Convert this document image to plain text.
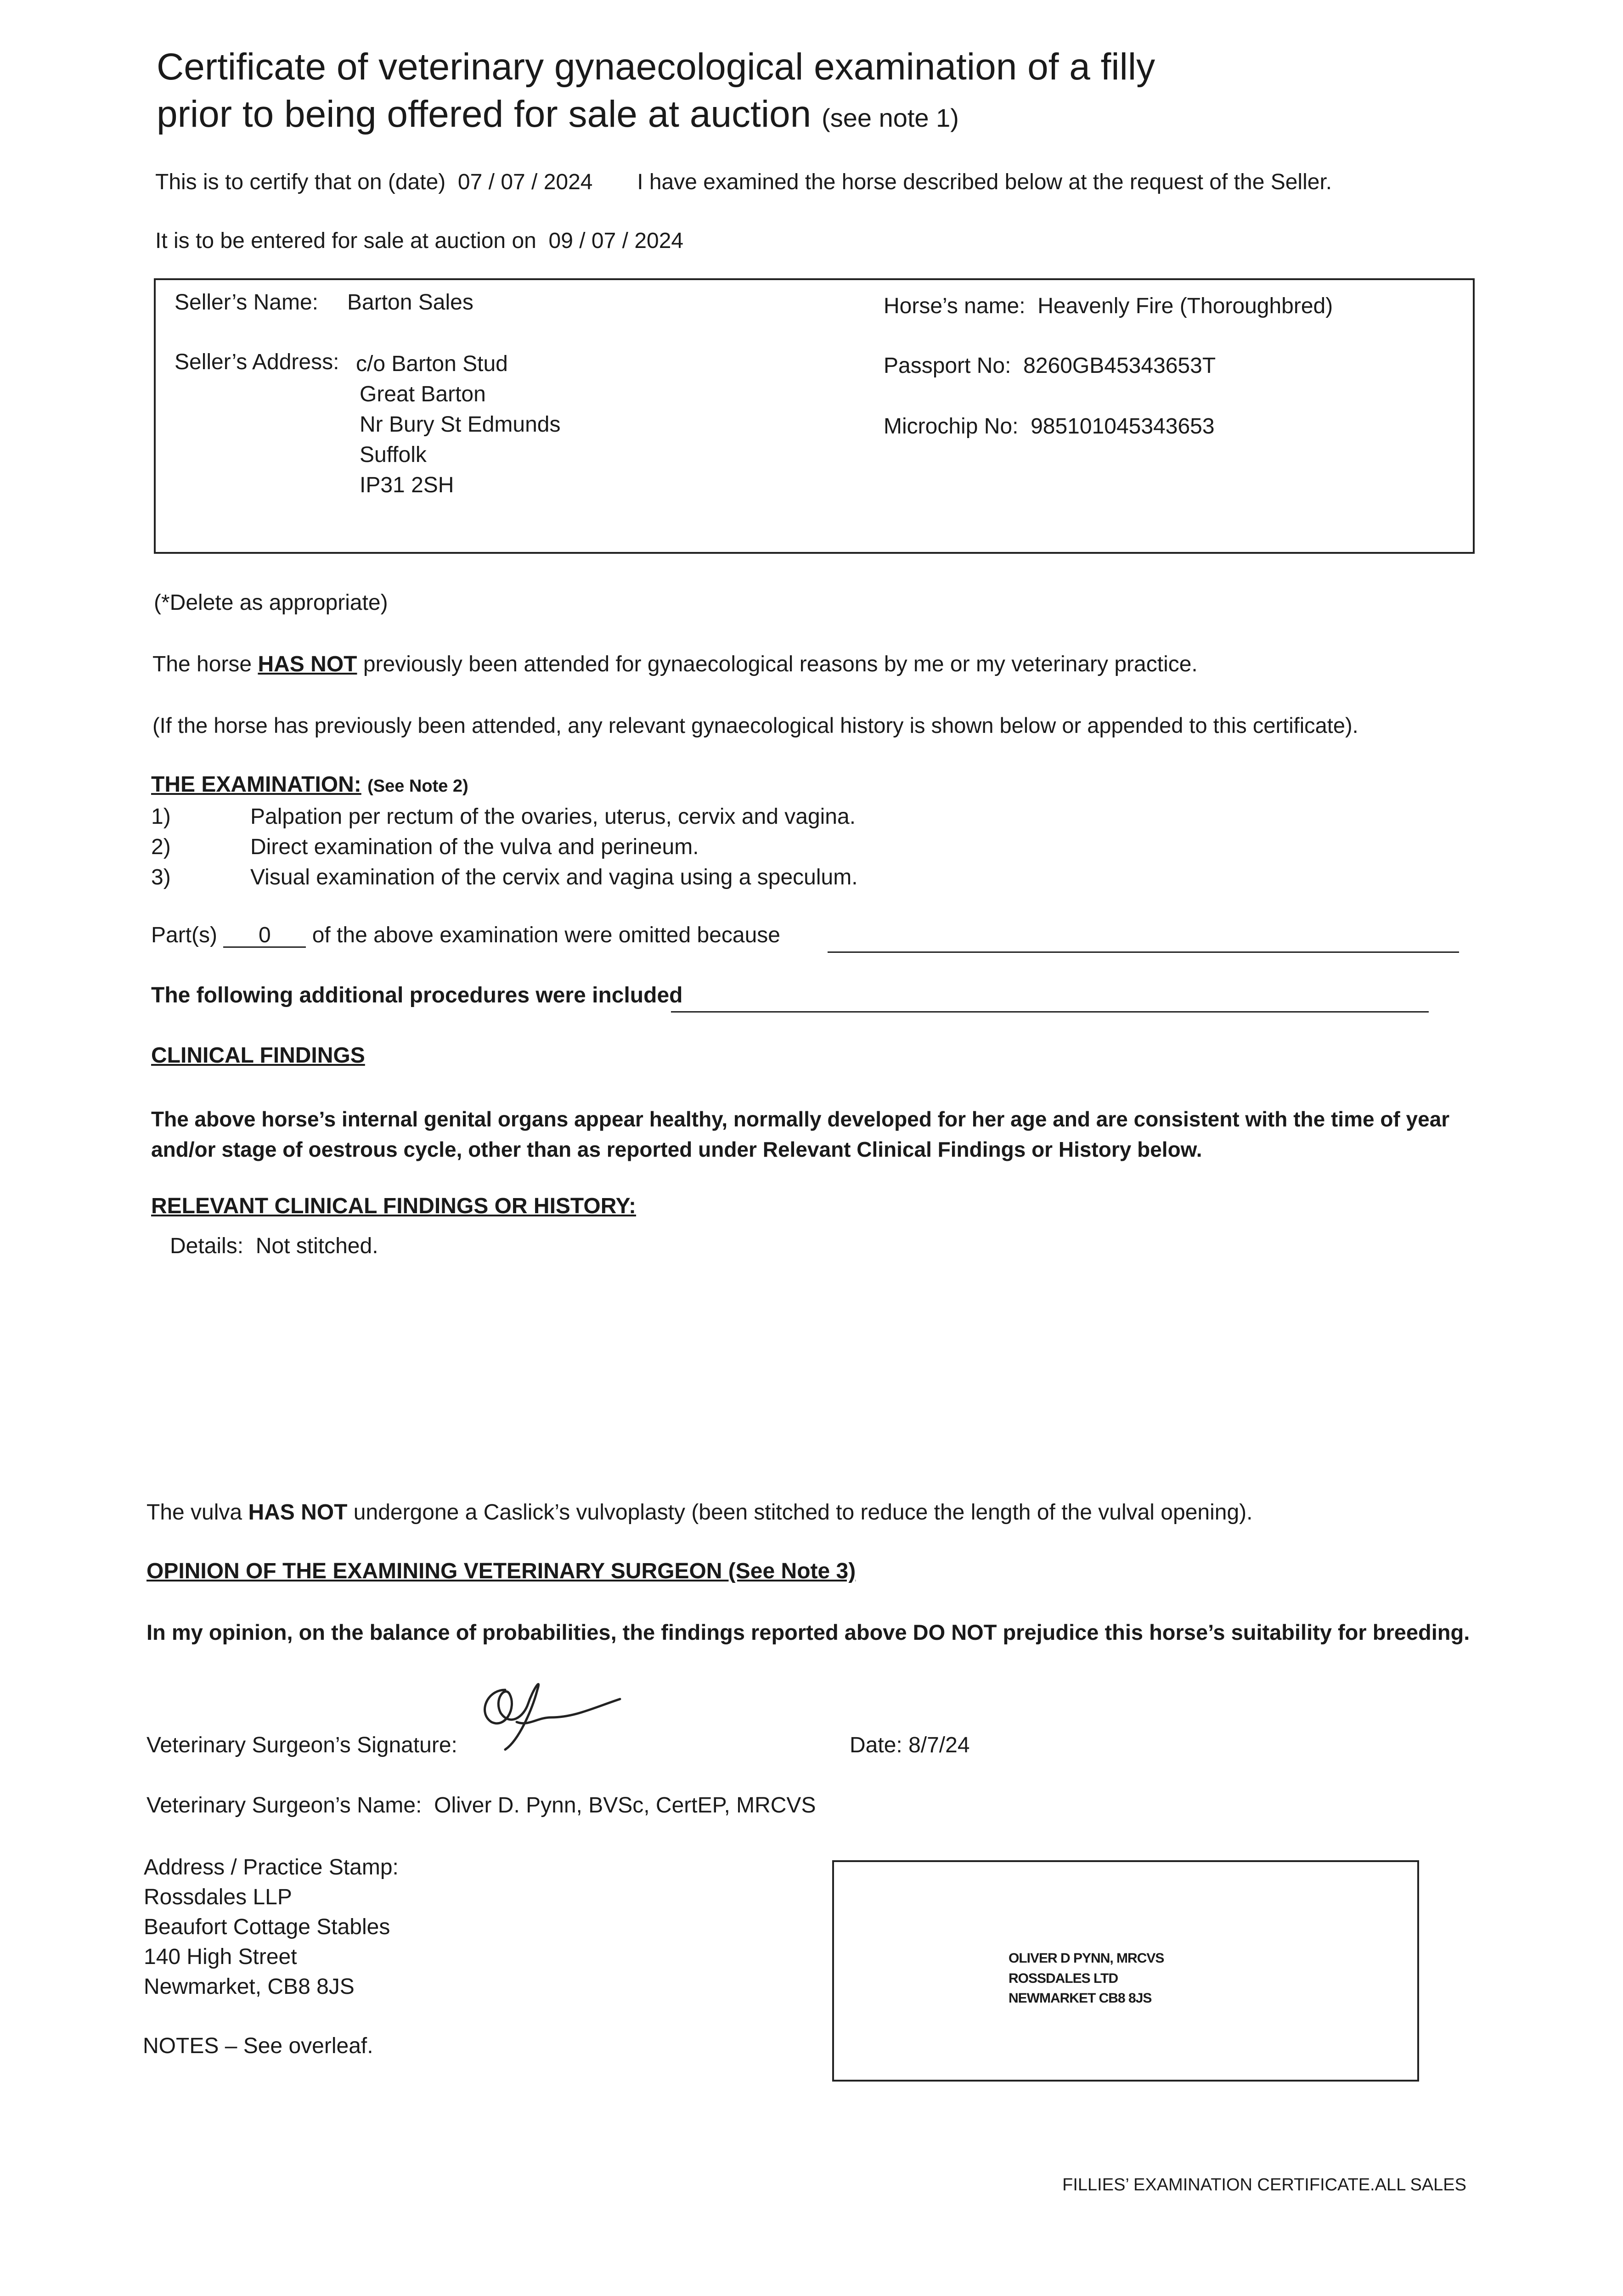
Certificate of veterinary gynaecological examination of a filly
prior to being offered for sale at auction (see note 1)
This is to certify that on (date) 07 / 07 / 2024 I have examined the horse described below at the request of the Seller.
It is to be entered for sale at auction on 09 / 07 / 2024
Seller’s Name: Barton Sales
Seller’s Address: c/o Barton Stud
Great Barton
Nr Bury St Edmunds
Suffolk
IP31 2SH
Horse’s name: Heavenly Fire (Thoroughbred)
Passport No: 8260GB45343653T
Microchip No: 985101045343653
(*Delete as appropriate)
The horse HAS NOT previously been attended for gynaecological reasons by me or my veterinary practice.
(If the horse has previously been attended, any relevant gynaecological history is shown below or appended to this certificate).
THE EXAMINATION: (See Note 2)
1)	Palpation per rectum of the ovaries, uterus, cervix and vagina.
2)	Direct examination of the vulva and perineum.
3)	Visual examination of the cervix and vagina using a speculum.
Part(s) 0 of the above examination were omitted because
The following additional procedures were included
CLINICAL FINDINGS
The above horse’s internal genital organs appear healthy, normally developed for her age and are consistent with the time of year and/or stage of oestrous cycle, other than as reported under Relevant Clinical Findings or History below.
RELEVANT CLINICAL FINDINGS OR HISTORY:
Details: Not stitched.
The vulva HAS NOT undergone a Caslick’s vulvoplasty (been stitched to reduce the length of the vulval opening).
OPINION OF THE EXAMINING VETERINARY SURGEON (See Note 3)
In my opinion, on the balance of probabilities, the findings reported above DO NOT prejudice this horse’s suitability for breeding.
Veterinary Surgeon’s Signature:	Date: 8/7/24
Veterinary Surgeon’s Name: Oliver D. Pynn, BVSc, CertEP, MRCVS
Address / Practice Stamp:
Rossdales LLP
Beaufort Cottage Stables
140 High Street
Newmarket, CB8 8JS
OLIVER D PYNN, MRCVS
ROSSDALES LTD
NEWMARKET CB8 8JS
NOTES – See overleaf.
FILLIES’ EXAMINATION CERTIFICATE.ALL SALES
